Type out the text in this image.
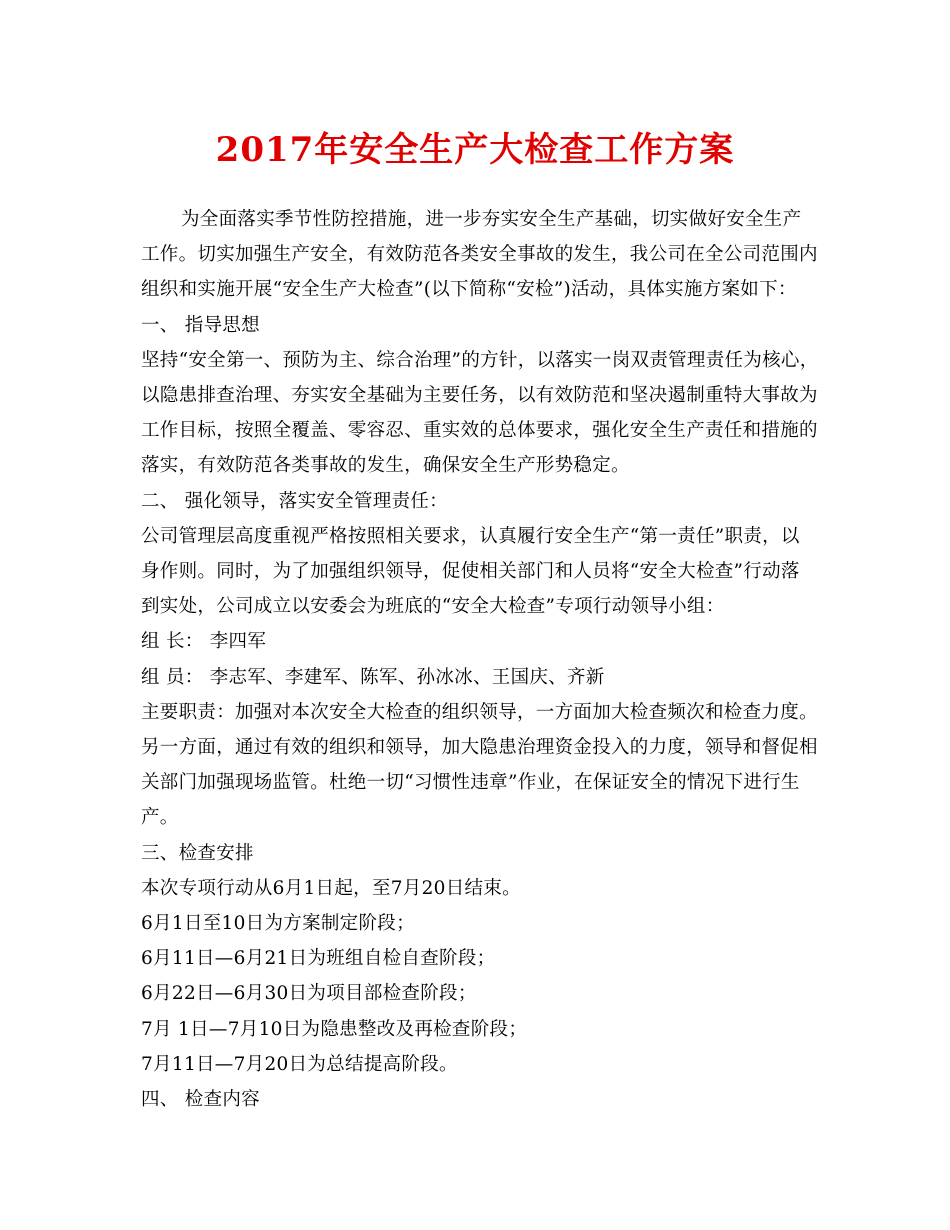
2017年安全生产大检查工作方案

为全面落实季节性防控措施，进一步夯实安全生产基础，切实做好安全生产

工作。切实加强生产安全，有效防范各类安全事故的发生，我公司在全公司范围内

组织和实施开展“安全生产大检查”(以下简称“安检”)活动，具体实施方案如下：

一、 指导思想

坚持“安全第一、预防为主、综合治理”的方针，以落实一岗双责管理责任为核心，

以隐患排查治理、夯实安全基础为主要任务，以有效防范和坚决遏制重特大事故为

工作目标，按照全覆盖、零容忍、重实效的总体要求，强化安全生产责任和措施的

落实，有效防范各类事故的发生，确保安全生产形势稳定。

二、 强化领导，落实安全管理责任：

公司管理层高度重视严格按照相关要求，认真履行安全生产“第一责任”职责，以

身作则。同时，为了加强组织领导，促使相关部门和人员将“安全大检查”行动落

到实处，公司成立以安委会为班底的“安全大检查”专项行动领导小组：

组 长： 李四军

组 员： 李志军、李建军、陈军、孙冰冰、王国庆、齐新

主要职责：加强对本次安全大检查的组织领导，一方面加大检查频次和检查力度。

另一方面，通过有效的组织和领导，加大隐患治理资金投入的力度，领导和督促相

关部门加强现场监管。杜绝一切“习惯性违章”作业，在保证安全的情况下进行生

产。

三、检查安排

本次专项行动从6月1日起，至7月20日结束。

6月1日至10日为方案制定阶段；

6月11日—6月21日为班组自检自查阶段；

6月22日—6月30日为项目部检查阶段；

7月 1日—7月10日为隐患整改及再检查阶段；

7月11日—7月20日为总结提高阶段。

四、 检查内容
